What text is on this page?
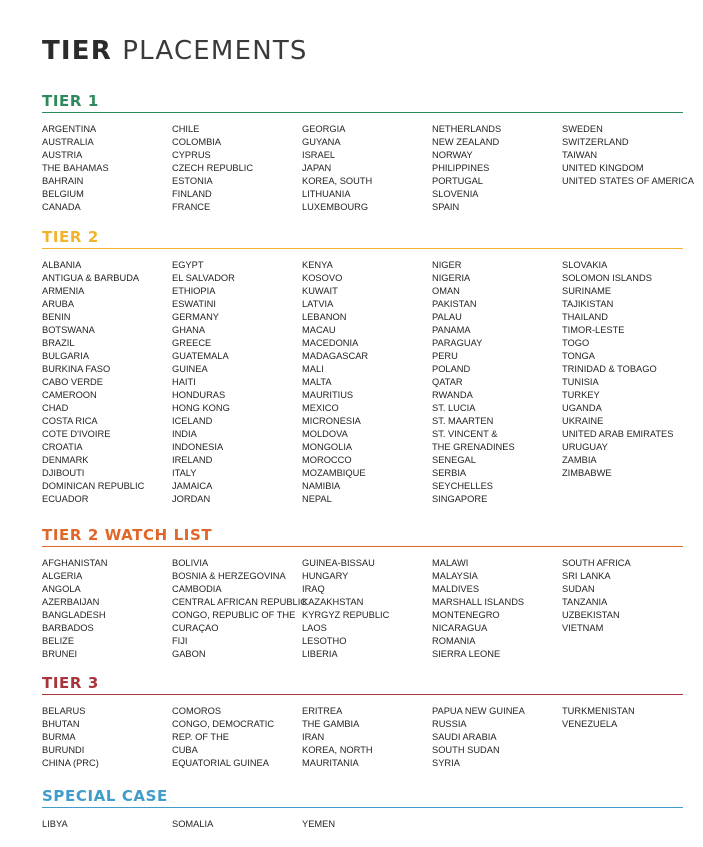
TIER PLACEMENTS
TIER 1
ARGENTINA
AUSTRALIA
AUSTRIA
THE BAHAMAS
BAHRAIN
BELGIUM
CANADA
CHILE
COLOMBIA
CYPRUS
CZECH REPUBLIC
ESTONIA
FINLAND
FRANCE
GEORGIA
GUYANA
ISRAEL
JAPAN
KOREA, SOUTH
LITHUANIA
LUXEMBOURG
NETHERLANDS
NEW ZEALAND
NORWAY
PHILIPPINES
PORTUGAL
SLOVENIA
SPAIN
SWEDEN
SWITZERLAND
TAIWAN
UNITED KINGDOM
UNITED STATES OF AMERICA
TIER 2
ALBANIA
ANTIGUA & BARBUDA
ARMENIA
ARUBA
BENIN
BOTSWANA
BRAZIL
BULGARIA
BURKINA FASO
CABO VERDE
CAMEROON
CHAD
COSTA RICA
COTE D'IVOIRE
CROATIA
DENMARK
DJIBOUTI
DOMINICAN REPUBLIC
ECUADOR
EGYPT
EL SALVADOR
ETHIOPIA
ESWATINI
GERMANY
GHANA
GREECE
GUATEMALA
GUINEA
HAITI
HONDURAS
HONG KONG
ICELAND
INDIA
INDONESIA
IRELAND
ITALY
JAMAICA
JORDAN
KENYA
KOSOVO
KUWAIT
LATVIA
LEBANON
MACAU
MACEDONIA
MADAGASCAR
MALI
MALTA
MAURITIUS
MEXICO
MICRONESIA
MOLDOVA
MONGOLIA
MOROCCO
MOZAMBIQUE
NAMIBIA
NEPAL
NIGER
NIGERIA
OMAN
PAKISTAN
PALAU
PANAMA
PARAGUAY
PERU
POLAND
QATAR
RWANDA
ST. LUCIA
ST. MAARTEN
ST. VINCENT &
THE GRENADINES
SENEGAL
SERBIA
SEYCHELLES
SINGAPORE
SLOVAKIA
SOLOMON ISLANDS
SURINAME
TAJIKISTAN
THAILAND
TIMOR-LESTE
TOGO
TONGA
TRINIDAD & TOBAGO
TUNISIA
TURKEY
UGANDA
UKRAINE
UNITED ARAB EMIRATES
URUGUAY
ZAMBIA
ZIMBABWE
TIER 2 WATCH LIST
AFGHANISTAN
ALGERIA
ANGOLA
AZERBAIJAN
BANGLADESH
BARBADOS
BELIZE
BRUNEI
BOLIVIA
BOSNIA & HERZEGOVINA
CAMBODIA
CENTRAL AFRICAN REPUBLIC
CONGO, REPUBLIC OF THE
CURAÇAO
FIJI
GABON
GUINEA-BISSAU
HUNGARY
IRAQ
KAZAKHSTAN
KYRGYZ REPUBLIC
LAOS
LESOTHO
LIBERIA
MALAWI
MALAYSIA
MALDIVES
MARSHALL ISLANDS
MONTENEGRO
NICARAGUA
ROMANIA
SIERRA LEONE
SOUTH AFRICA
SRI LANKA
SUDAN
TANZANIA
UZBEKISTAN
VIETNAM
TIER 3
BELARUS
BHUTAN
BURMA
BURUNDI
CHINA (PRC)
COMOROS
CONGO, DEMOCRATIC
REP. OF THE
CUBA
EQUATORIAL GUINEA
ERITREA
THE GAMBIA
IRAN
KOREA, NORTH
MAURITANIA
PAPUA NEW GUINEA
RUSSIA
SAUDI ARABIA
SOUTH SUDAN
SYRIA
TURKMENISTAN
VENEZUELA
SPECIAL CASE
LIBYA	SOMALIA	YEMEN
